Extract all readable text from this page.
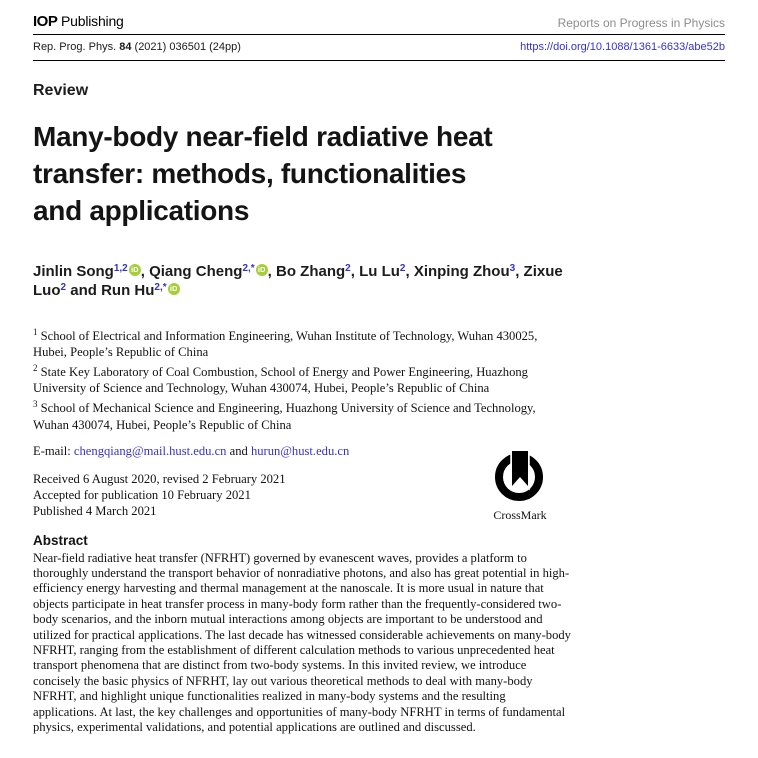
IOP Publishing	Reports on Progress in Physics
Rep. Prog. Phys. 84 (2021) 036501 (24pp)	https://doi.org/10.1088/1361-6633/abe52b
Review
Many-body near-field radiative heat
transfer: methods, functionalities
and applications
Jinlin Song$^{1,2}$ iD , Qiang Cheng$^{2,*}$ iD , Bo Zhang$^2$, Lu Lu$^2$, Xinping Zhou$^3$, Zixue Luo$^2$ and Run $Hu^{2,*}$ iD
$^1$ School of Electrical and Information Engineering, Wuhan Institute of Technology, Wuhan 430025, Hubei, People’s Republic of China
$^2$ State Key Laboratory of Coal Combustion, School of Energy and Power Engineering, Huazhong University of Science and Technology, Wuhan 430074, Hubei, People’s Republic of China
$^3$ School of Mechanical Science and Engineering, Huazhong University of Science and Technology, Wuhan 430074, Hubei, People’s Republic of China
E-mail: chengqiang@mail.hust.edu.cn and hurun@hust.edu.cn
Received 6 August 2020, revised 2 February 2021
Accepted for publication 10 February 2021
Published 4 March 2021	CrossMark
Abstract

Near-field radiative heat transfer (NFRHT) governed by evanescent waves, provides a platform to thoroughly understand the transport behavior of nonradiative photons, and also has great potential in high-efficiency energy harvesting and thermal management at the nanoscale. It is more usual in nature that objects participate in heat transfer process in many-body form rather than the frequently-considered two-body scenarios, and the inborn mutual interactions among objects are important to be understood and utilized for practical applications. The last decade has witnessed considerable achievements on many-body NFRHT, ranging from the establishment of different calculation methods to various unprecedented heat transport phenomena that are distinct from two-body systems. In this invited review, we introduce concisely the basic physics of NFRHT, lay out various theoretical methods to deal with many-body NFRHT, and highlight unique functionalities realized in many-body systems and the resulting applications. At last, the key challenges and opportunities of many-body NFRHT in terms of fundamental physics, experimental validations, and potential applications are outlined and discussed.
